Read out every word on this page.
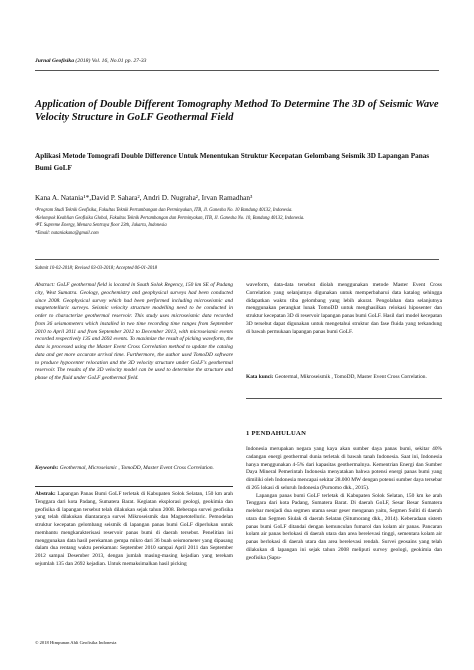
Jurnal Geofisika (2018) Vol. 16, No.01 pp. 27-33
Application of Double Different Tomography Method To Determine The 3D of Seismic Wave Velocity Structure in GoLF Geothermal Field
Aplikasi Metode Tomografi Double Difference Untuk Menentukan Struktur Kecepatan Gelombang Seismik 3D Lapangan Panas Bumi GoLF
Kana A. Natania¹*,David P. Sahara², Andri D. Nugraha², Irvan Ramadhan³
¹Program Studi Teknik Geofisika, Fakultas Teknik Pertambangan dan Perminyakan, ITB, Jl. Ganesha No. 10 Bandung 40132, Indonesia.
²Kelompok Keahlian Geofisika Global, Fakultas Teknik Pertambangan dan Perminyakan, ITB, Jl. Ganesha No. 10, Bandung 40132, Indonesia.
³PT. Supreme Energy, Menara Sentraya floor 23th, Jakarta, Indonesia
*Email: nataniakana@gmail.com
Submit 10-02-2018; Revised 03-03-2018; Accepted 06-01-2018
Abstract: GoLF geothermal field is located in South Solok Regency, 150 km SE of Padang city, West Sumatra. Geology, geochemistry and geophysical surveys had been conducted since 2008. Geophysical survey which had been performed including microseismic and magnetotelluric surveys. Seismic velocity structure modelling need to be conducted in order to characterize geothermal reservoir. This study uses microseismic data recorded from 36 seismometers which installed in two time recording time ranges from September 2010 to April 2011 and from September 2012 to December 2013, with microseismic events recorded respectively 135 and 2692 events. To maximize the result of picking waveform, the data is processed using the Master Event Cross Correlation method to update the catalog data and get more accurate arrival time. Furthermore, the author used TomoDD software to produce hypocenter relocation and the 3D velocity structure under GoLF's geothermal reservoir. The results of the 3D velocity model can be used to determine the structure and phase of the fluid under GoLF geothermal field.
Keywords: Geothermal, Microseismic , TomoDD, Master Event Cross Correlation.
Abstrak: Lapangan Panas Bumi GoLF terletak di Kabupaten Solok Selatan, 150 km arah Tenggara dari kota Padang, Sumatera Barat. Kegiatan eksplorasi geologi, geokimia dan geofisika di lapangan tersebut telah dilakukan sejak tahun 2008. Beberapa survei geofisika yang telah dilakukan diantaranya survei Mikroseismik dan Magnetotelluric. Pemodelan struktur kecepatan gelombang seismik di lapangan panas bumi GoLF diperlukan untuk membantu mengkarakterisasi reservoir panas bumi di daerah tersebut. Penelitian ini menggunakan data hasil perekaman gempa mikro dari 36 buah seismometer yang dipasang dalam dua rentang waktu perekaman: September 2010 sampai April 2011 dan September 2012 sampai Desember 2013, dengan jumlah masing-masing kejadian yang terekam sejumlah 135 dan 2692 kejadian. Untuk memaksimalkan hasil picking
waveform, data-data tersebut diolah menggunakan metode Master Event Cross Correlation yang selanjutnya digunakan untuk memperbaharui data katalog sehingga didapatkan waktu tiba gelombang yang lebih akurat. Pengolahan data selanjutnya menggunakan perangkat lunak TomoDD untuk menghasilkan relokasi hiposenter dan struktur kecepatan 3D di reservoir lapangan panas bumi GoLF. Hasil dari model kecepatan 3D tersebut dapat digunakan untuk mengetahui struktur dan fase fluida yang terkandung di bawah permukaan lapangan panas bumi GoLF.
Kata kunci: Geotermal, Mikroseismik , TomoDD, Master Event Cross Correlation.
1 PENDAHULUAN
Indonesia merupakan negara yang kaya akan sumber daya panas bumi, sekitar 40% cadangan energi geothermal dunia terletak di bawah tanah Indonesia. Saat ini, Indonesia hanya menggunakan 4-5% dari kapasitas geothermalnya. Kementrian Energi dan Sumber Daya Mineral Pemerintah Indonesia menyatakan bahwa potensi energi panas bumi yang dimiliki oleh Indonesia mencapai sekitar 28.000 MW dengan potensi sumber daya tersebar di 265 lokasi di seluruh Indonesia (Purnomo dkk., 2015).
Lapangan panas bumi GoLF terletak di Kabupaten Solok Selatan, 150 km ke arah Tenggara dari kota Padang, Sumatera Barat. Di daerah GoLF, Sesar Besar Sumatera melebar menjadi dua segmen utama sesar geser menganan yaitu, Segmen Suliti di daerah utara dan Segmen Siulak di daerah Selatan (Situmorang dkk., 2014). Keberadaan sistem panas bumi GoLF ditandai dengan kemunculan fumarol dan kolam air panas. Pancaran kolam air panas berlokasi di daerah utara dan area berelevasi tinggi, sementara kolam air panas berlokasi di daerah utara dan area berelevasi rendah. Survei geosains yang telah dilakukan di lapangan ini sejak tahun 2008 meliputi survey geologi, geokimia dan geofisika (Sapu-
© 2018 Himpunan Ahli Geofisika Indonesia
